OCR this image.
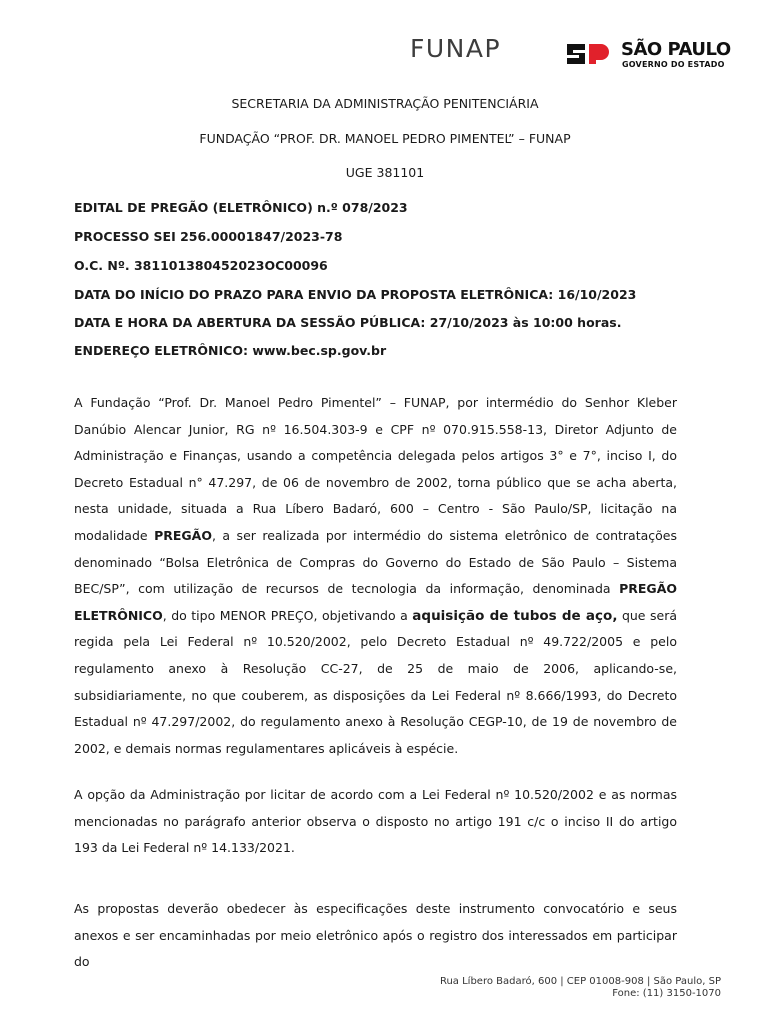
FUNAP	SÃO PAULO
GOVERNO DO ESTADO
SECRETARIA DA ADMINISTRAÇÃO PENITENCIÁRIA
FUNDAÇÃO “PROF. DR. MANOEL PEDRO PIMENTEL” – FUNAP
UGE 381101
EDITAL DE PREGÃO (ELETRÔNICO) n.º 078/2023
PROCESSO SEI 256.00001847/2023-78
O.C. Nº. 381101380452023OC00096
DATA DO INÍCIO DO PRAZO PARA ENVIO DA PROPOSTA ELETRÔNICA: 16/10/2023
DATA E HORA DA ABERTURA DA SESSÃO PÚBLICA: 27/10/2023 às 10:00 horas.
ENDEREÇO ELETRÔNICO: www.bec.sp.gov.br
A Fundação “Prof. Dr. Manoel Pedro Pimentel” – FUNAP, por intermédio do Senhor Kleber Danúbio Alencar Junior, RG nº 16.504.303-9 e CPF nº 070.915.558-13, Diretor Adjunto de Administração e Finanças, usando a competência delegada pelos artigos 3° e 7°, inciso I, do Decreto Estadual n° 47.297, de 06 de novembro de 2002, torna público que se acha aberta, nesta unidade, situada a Rua Líbero Badaró, 600 – Centro - São Paulo/SP, licitação na modalidade PREGÃO, a ser realizada por intermédio do sistema eletrônico de contratações denominado “Bolsa Eletrônica de Compras do Governo do Estado de São Paulo – Sistema BEC/SP”, com utilização de recursos de tecnologia da informação, denominada PREGÃO ELETRÔNICO, do tipo MENOR PREÇO, objetivando a aquisição de tubos de aço, que será regida pela Lei Federal nº 10.520/2002, pelo Decreto Estadual nº 49.722/2005 e pelo regulamento anexo à Resolução CC-27, de 25 de maio de 2006, aplicando-se, subsidiariamente, no que couberem, as disposições da Lei Federal nº 8.666/1993, do Decreto Estadual nº 47.297/2002, do regulamento anexo à Resolução CEGP-10, de 19 de novembro de 2002, e demais normas regulamentares aplicáveis à espécie.
A opção da Administração por licitar de acordo com a Lei Federal nº 10.520/2002 e as normas mencionadas no parágrafo anterior observa o disposto no artigo 191 c/c o inciso II do artigo 193 da Lei Federal nº 14.133/2021.
As propostas deverão obedecer às especificações deste instrumento convocatório e seus anexos e ser encaminhadas por meio eletrônico após o registro dos interessados em participar do
Rua Líbero Badaró, 600 | CEP 01008-908 | São Paulo, SP
Fone: (11) 3150-1070
